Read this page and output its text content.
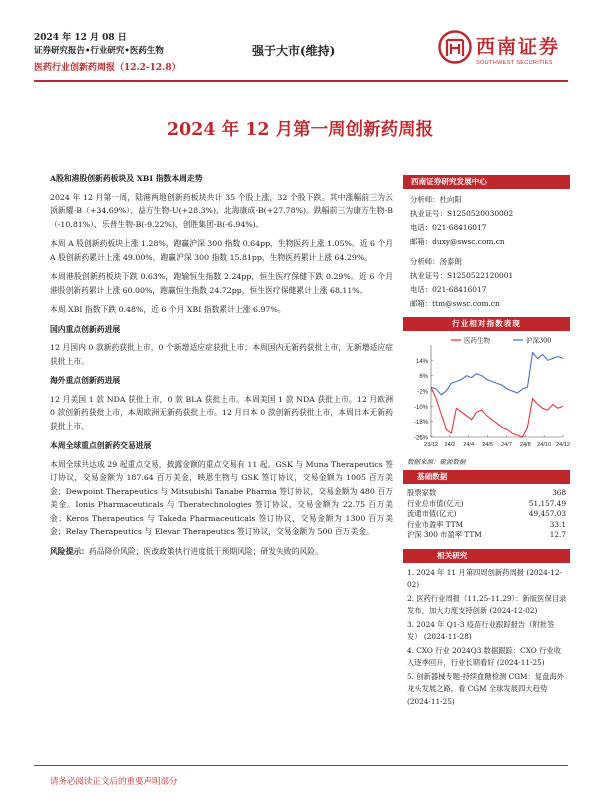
2024 年 12 月 08 日
证券研究报告•行业研究•医药生物
医药行业创新药周报（12.2-12.8）
强于大市(维持)	西南证券
SOUTHWEST SECURITIES
2024 年 12 月第一周创新药周报
A股和港股创新药板块及 XBI 指数本周走势

2024 年 12 月第一周，陆港两地创新药板块共计 35 个股上涨，32 个股下跌。其中涨幅前三为云顶新耀-B（+34.69%）、益方生物-U(+28.3%)、北海康成-B(+27.78%)。跌幅前三为康方生物-B（-10.81%）、乐普生物-B(-9.22%)、创胜集团-B(-6.94%)。

本周 A 股创新药板块上涨 1.28%，跑赢沪深 300 指数 0.64pp，生物医药上涨 1.05%。近 6 个月 A 股创新药累计上涨 49.00%，跑赢沪深 300 指数 15.81pp，生物医药累计上涨 64.29%。

本周港股创新药板块下跌 0.63%，跑输恒生指数 2.24pp，恒生医疗保健下跌 0.29%。近 6 个月港股创新药累计上涨 60.00%，跑赢恒生指数 24.72pp，恒生医疗保健累计上涨 68.11%。

本周 XBI 指数下跌 0.48%，近 6 个月 XBI 指数累计上涨 6.97%。

国内重点创新药进展

12 月国内 0 款新药获批上市，0 个新增适应症获批上市；本周国内无新药获批上市，无新增适应症获批上市。

海外重点创新药进展

12 月美国 1 款 NDA 获批上市，0 款 BLA 获批上市。本周美国 1 款 NDA 获批上市。12 月欧洲 0 款创新药获批上市，本周欧洲无新药获批上市。12 月日本 0 款创新药获批上市，本周日本无新药获批上市。

本周全球重点创新药交易进展

本周全球共达成 29 起重点交易，披露金额的重点交易有 11 起。GSK 与 Muna Therapeutics 签订协议，交易金额为 187.64 百万美金，映恩生物与 GSK 签订协议，交易金额为 1005 百万美金；Dewpoint Therapeutics 与 Mitsubishi Tanabe Pharma 签订协议，交易金额为 480 百万美金。Ionis Pharmaceuticals 与 Theratechnologies 签订协议，交易金额为 22.75 百万美金；Keros Therapeutics 与 Takeda Pharmaceuticals 签订协议，交易金额为 1300 百万美金；Relay Therapeutics 与 Elevar Therapeutics 签订协议，交易金额为 500 百万美金。

风险提示：药品降价风险；医改政策执行进度低于预期风险；研发失败的风险。

西南证券研究发展中心
分析师：杜向阳
执业证号：S1250520030002
电话：021-68416017
邮箱：duxy@swsc.com.cn
分析师：汤泰朗
执业证号：S1250522120001
电话：021-68416017
邮箱：ttm@swsc.com.cn
行业相对指数表现
14%
6%
-2%
-10%
-18%
-26%
23/12 24/2 24/4 24/5 24/7 24/8 24/10 24/12
医药生物	沪深300
数据来源：聚源数据
基础数据
股票家数	368
行业总市值(亿元)	51,157.49
流通市值(亿元)	49,457.03
行业市盈率 TTM	33.1
沪深 300 市盈率 TTM	12.7
相关研究
1. 2024 年 11 月第四周创新药周报 (2024-12-02)
2. 医药行业周报（11.25-11.29）：新版医保目录发布，加大力度支持创新 (2024-12-02)
3. 2024 年 Q1-3 疫苗行业跟踪报告（附批签发） (2024-11-28)
4. CXO 行业 2024Q3 数据跟踪：CXO 行业收入逐季回升，行业长期看好 (2024-11-25)
5. 创新器械专题-持续血糖检测 CGM：复盘海外龙头发展之路，看 CGM 全球发展四大趋势 (2024-11-25)
请务必阅读正文后的重要声明部分
